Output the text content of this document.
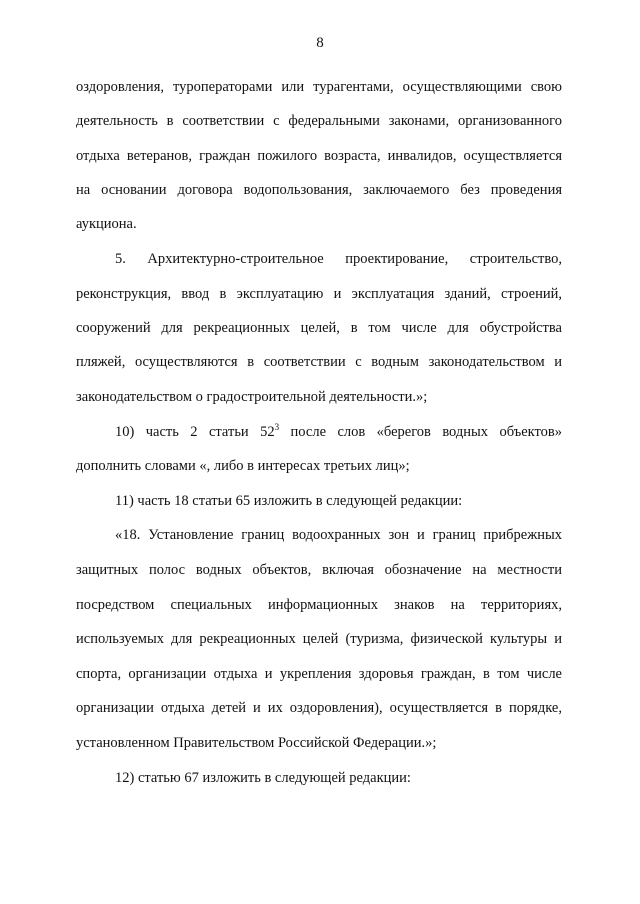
8
оздоровления, туроператорами или турагентами, осуществляющими свою
деятельность в соответствии с федеральными законами, организованного
отдыха ветеранов, граждан пожилого возраста, инвалидов, осуществляется
на основании договора водопользования, заключаемого без проведения
аукциона.
5. Архитектурно-строительное проектирование, строительство,
реконструкция, ввод в эксплуатацию и эксплуатация зданий, строений,
сооружений для рекреационных целей, в том числе для обустройства
пляжей, осуществляются в соответствии с водным законодательством и
законодательством о градостроительной деятельности.»;
10) часть 2 статьи $52^3$ после слов «берегов водных объектов»
дополнить словами «, либо в интересах третьих лиц»;
11) часть 18 статьи 65 изложить в следующей редакции:
«18. Установление границ водоохранных зон и границ прибрежных
защитных полос водных объектов, включая обозначение на местности
посредством специальных информационных знаков на территориях,
используемых для рекреационных целей (туризма, физической культуры и
спорта, организации отдыха и укрепления здоровья граждан, в том числе
организации отдыха детей и их оздоровления), осуществляется в порядке,
установленном Правительством Российской Федерации.»;
12) статью 67 изложить в следующей редакции:
